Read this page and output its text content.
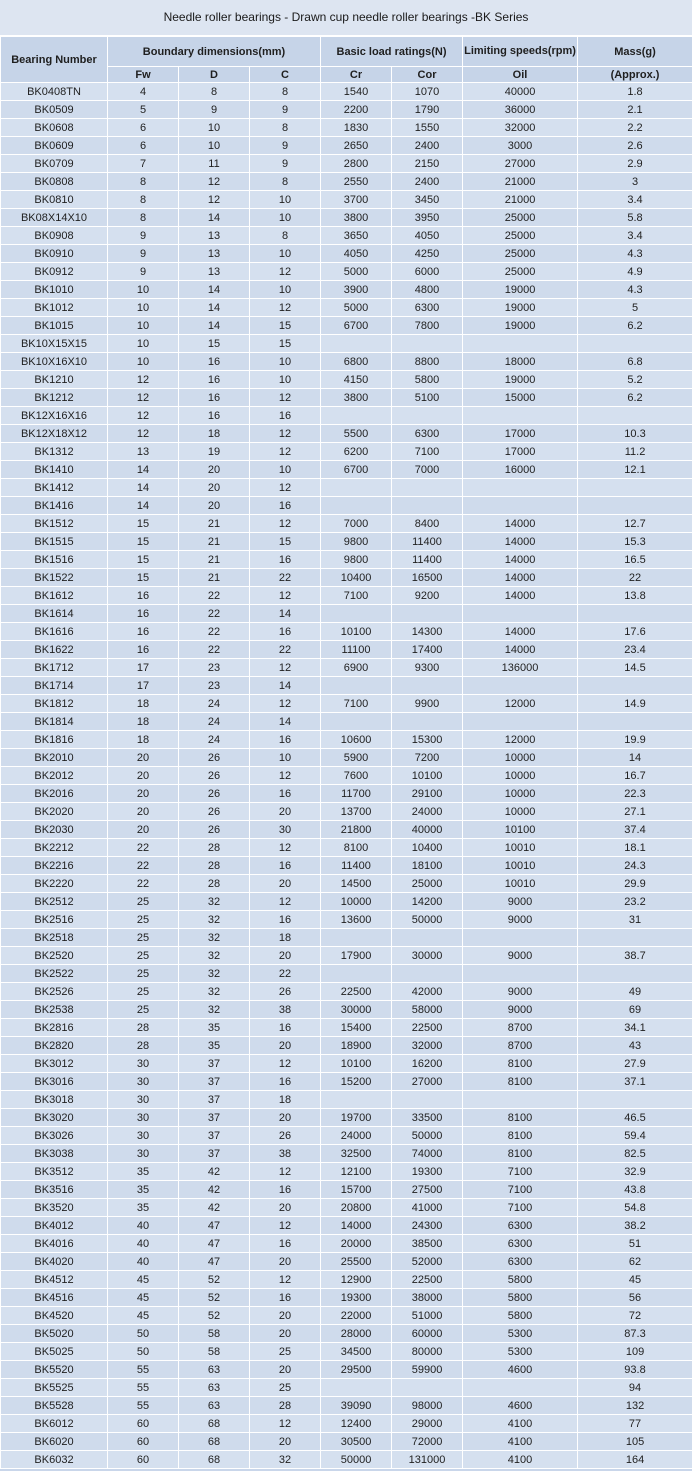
Needle roller bearings - Drawn cup needle roller bearings -BK Series
Bearing Number	Boundary dimensions(mm)			Basic load ratings(N)		Limiting speeds(rpm)	Mass(g)
	Fw	D	C	Cr	Cor	Oil	(Approx.)
BK0408TN	4	8	8	1540	1070	40000	1.8
BK0509	5	9	9	2200	1790	36000	2.1
BK0608	6	10	8	1830	1550	32000	2.2
BK0609	6	10	9	2650	2400	3000	2.6
BK0709	7	11	9	2800	2150	27000	2.9
BK0808	8	12	8	2550	2400	21000	3
BK0810	8	12	10	3700	3450	21000	3.4
BK08X14X10	8	14	10	3800	3950	25000	5.8
BK0908	9	13	8	3650	4050	25000	3.4
BK0910	9	13	10	4050	4250	25000	4.3
BK0912	9	13	12	5000	6000	25000	4.9
BK1010	10	14	10	3900	4800	19000	4.3
BK1012	10	14	12	5000	6300	19000	5
BK1015	10	14	15	6700	7800	19000	6.2
BK10X15X15	10	15	15				
BK10X16X10	10	16	10	6800	8800	18000	6.8
BK1210	12	16	10	4150	5800	19000	5.2
BK1212	12	16	12	3800	5100	15000	6.2
BK12X16X16	12	16	16				
BK12X18X12	12	18	12	5500	6300	17000	10.3
BK1312	13	19	12	6200	7100	17000	11.2
BK1410	14	20	10	6700	7000	16000	12.1
BK1412	14	20	12				
BK1416	14	20	16				
BK1512	15	21	12	7000	8400	14000	12.7
BK1515	15	21	15	9800	11400	14000	15.3
BK1516	15	21	16	9800	11400	14000	16.5
BK1522	15	21	22	10400	16500	14000	22
BK1612	16	22	12	7100	9200	14000	13.8
BK1614	16	22	14				
BK1616	16	22	16	10100	14300	14000	17.6
BK1622	16	22	22	11100	17400	14000	23.4
BK1712	17	23	12	6900	9300	136000	14.5
BK1714	17	23	14				
BK1812	18	24	12	7100	9900	12000	14.9
BK1814	18	24	14				
BK1816	18	24	16	10600	15300	12000	19.9
BK2010	20	26	10	5900	7200	10000	14
BK2012	20	26	12	7600	10100	10000	16.7
BK2016	20	26	16	11700	29100	10000	22.3
BK2020	20	26	20	13700	24000	10000	27.1
BK2030	20	26	30	21800	40000	10100	37.4
BK2212	22	28	12	8100	10400	10010	18.1
BK2216	22	28	16	11400	18100	10010	24.3
BK2220	22	28	20	14500	25000	10010	29.9
BK2512	25	32	12	10000	14200	9000	23.2
BK2516	25	32	16	13600	50000	9000	31
BK2518	25	32	18				
BK2520	25	32	20	17900	30000	9000	38.7
BK2522	25	32	22				
BK2526	25	32	26	22500	42000	9000	49
BK2538	25	32	38	30000	58000	9000	69
BK2816	28	35	16	15400	22500	8700	34.1
BK2820	28	35	20	18900	32000	8700	43
BK3012	30	37	12	10100	16200	8100	27.9
BK3016	30	37	16	15200	27000	8100	37.1
BK3018	30	37	18				
BK3020	30	37	20	19700	33500	8100	46.5
BK3026	30	37	26	24000	50000	8100	59.4
BK3038	30	37	38	32500	74000	8100	82.5
BK3512	35	42	12	12100	19300	7100	32.9
BK3516	35	42	16	15700	27500	7100	43.8
BK3520	35	42	20	20800	41000	7100	54.8
BK4012	40	47	12	14000	24300	6300	38.2
BK4016	40	47	16	20000	38500	6300	51
BK4020	40	47	20	25500	52000	6300	62
BK4512	45	52	12	12900	22500	5800	45
BK4516	45	52	16	19300	38000	5800	56
BK4520	45	52	20	22000	51000	5800	72
BK5020	50	58	20	28000	60000	5300	87.3
BK5025	50	58	25	34500	80000	5300	109
BK5520	55	63	20	29500	59900	4600	93.8
BK5525	55	63	25				94
BK5528	55	63	28	39090	98000	4600	132
BK6012	60	68	12	12400	29000	4100	77
BK6020	60	68	20	30500	72000	4100	105
BK6032	60	68	32	50000	131000	4100	164
